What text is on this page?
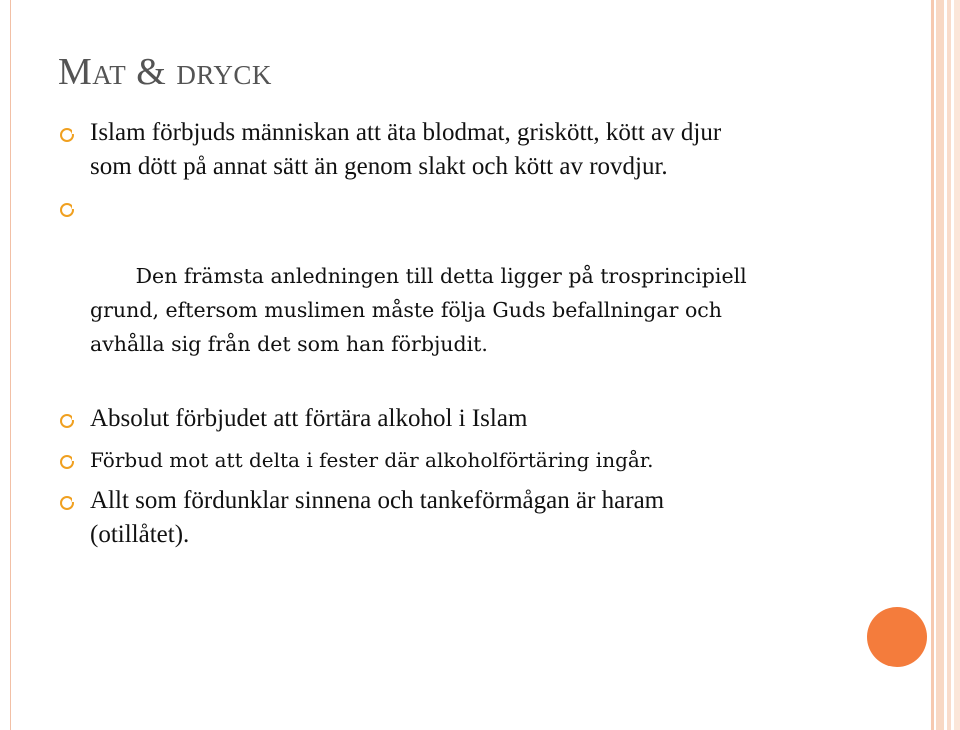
Mat & dryck
Islam förbjuds människan att äta blodmat, griskött, kött av djur som dött på annat sätt än genom slakt och kött av rovdjur.

Den främsta anledningen till detta ligger på trosprincipiell grund, eftersom muslimen måste följa Guds befallningar och avhålla sig från det som han förbjudit.

Absolut förbjudet att förtära alkohol i Islam
Förbud mot att delta i fester där alkoholförtäring ingår.
Allt som fördunklar sinnena och tankeförmågan är haram (otillåtet).
